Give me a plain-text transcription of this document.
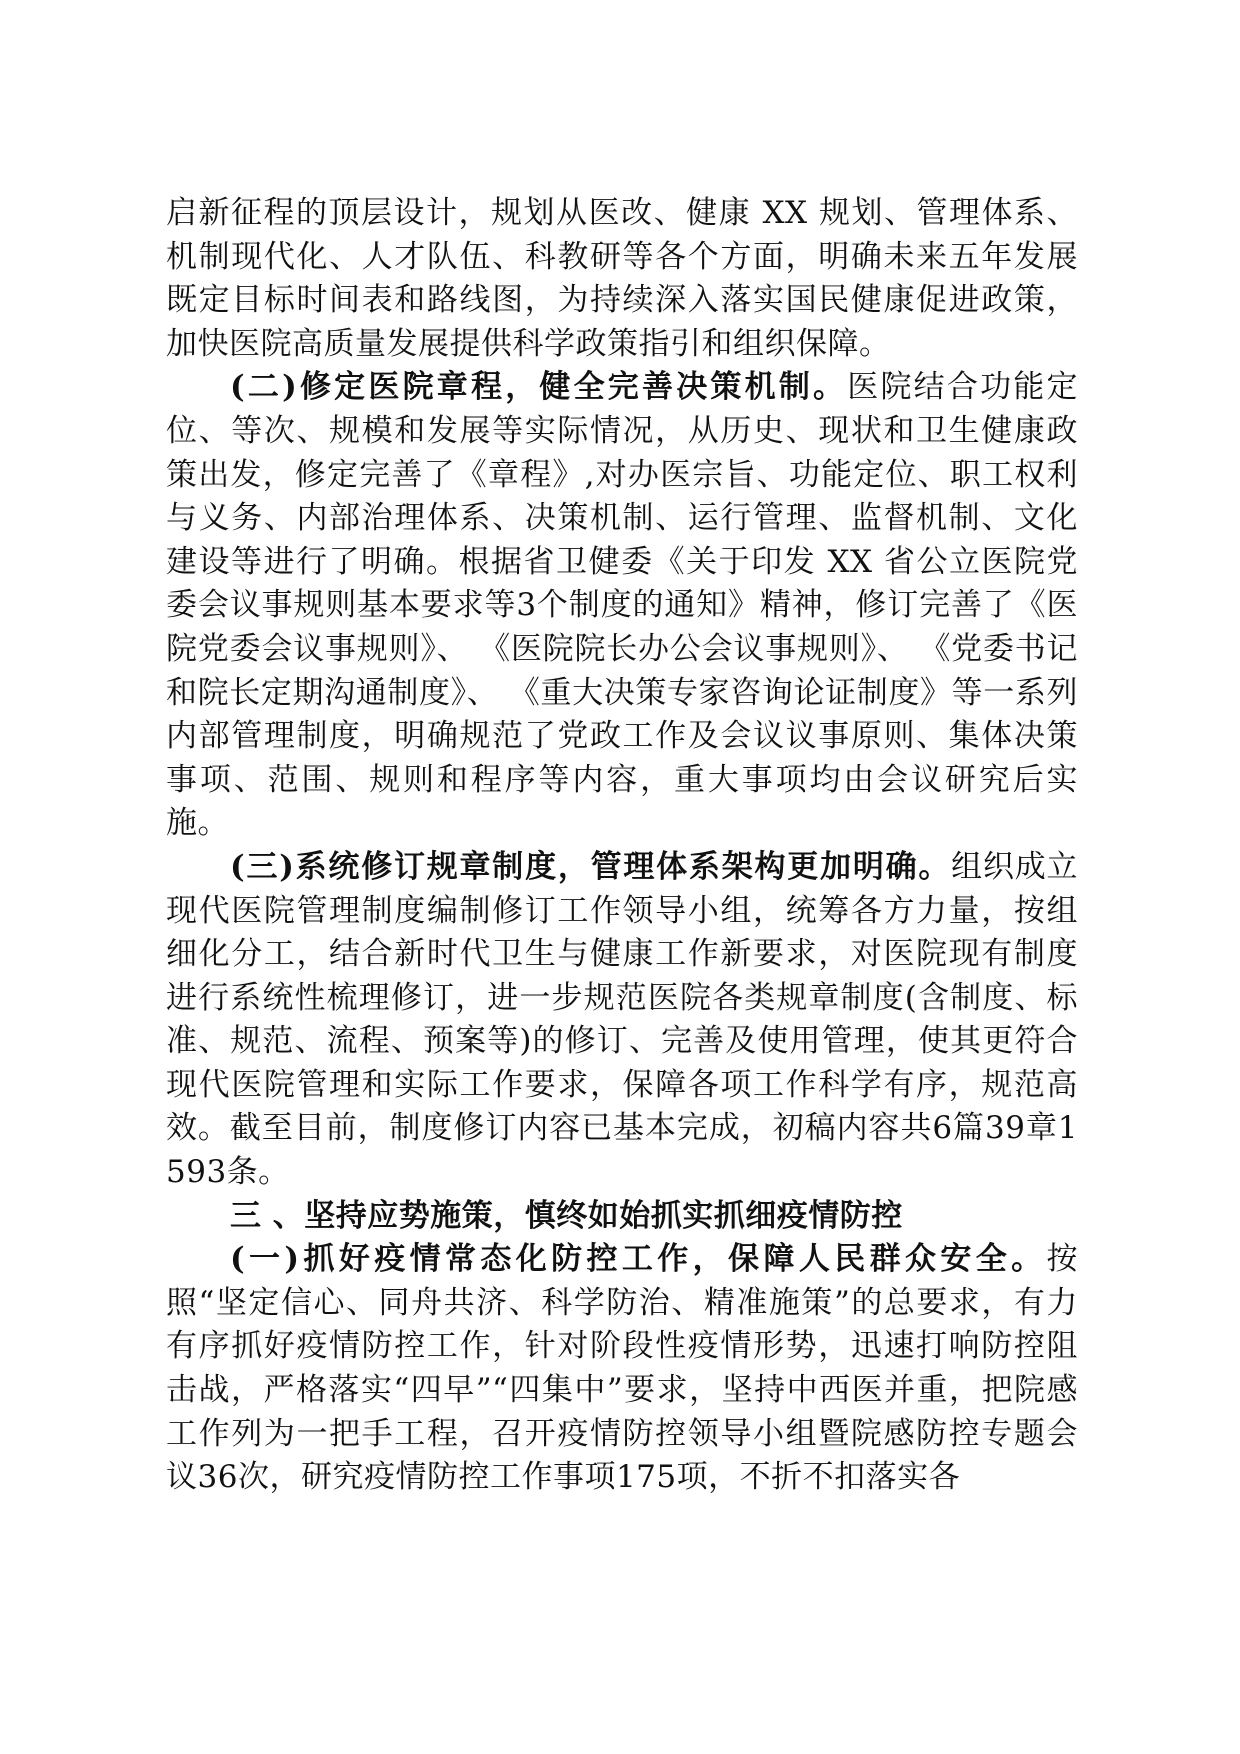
启新征程的顶层设计，规划从医改、健康 XX 规划、管理体系、机制现代化、人才队伍、科教研等各个方面，明确未来五年发展既定目标时间表和路线图，为持续深入落实国民健康促进政策，加快医院高质量发展提供科学政策指引和组织保障。

(二)修定医院章程，健全完善决策机制。医院结合功能定位、等次、规模和发展等实际情况，从历史、现状和卫生健康政策出发，修定完善了《章程》,对办医宗旨、功能定位、职工权利与义务、内部治理体系、决策机制、运行管理、监督机制、文化建设等进行了明确。根据省卫健委《关于印发 XX 省公立医院党委会议事规则基本要求等3个制度的通知》精神，修订完善了《医院党委会议事规则》、 《医院院长办公会议事规则》、 《党委书记和院长定期沟通制度》、 《重大决策专家咨询论证制度》等一系列内部管理制度，明确规范了党政工作及会议议事原则、集体决策事项、范围、规则和程序等内容，重大事项均由会议研究后实施。

(三)系统修订规章制度，管理体系架构更加明确。组织成立现代医院管理制度编制修订工作领导小组，统筹各方力量，按组细化分工，结合新时代卫生与健康工作新要求，对医院现有制度进行系统性梳理修订，进一步规范医院各类规章制度(含制度、标准、规范、流程、预案等)的修订、完善及使用管理，使其更符合现代医院管理和实际工作要求，保障各项工作科学有序，规范高效。截至目前，制度修订内容已基本完成，初稿内容共6篇39章1593条。

三 、坚持应势施策，慎终如始抓实抓细疫情防控

(一)抓好疫情常态化防控工作，保障人民群众安全。按照“坚定信心、同舟共济、科学防治、精准施策”的总要求，有力有序抓好疫情防控工作，针对阶段性疫情形势，迅速打响防控阻击战，严格落实“四早”“四集中”要求，坚持中西医并重，把院感工作列为一把手工程，召开疫情防控领导小组暨院感防控专题会议36次，研究疫情防控工作事项175项，不折不扣落实各
